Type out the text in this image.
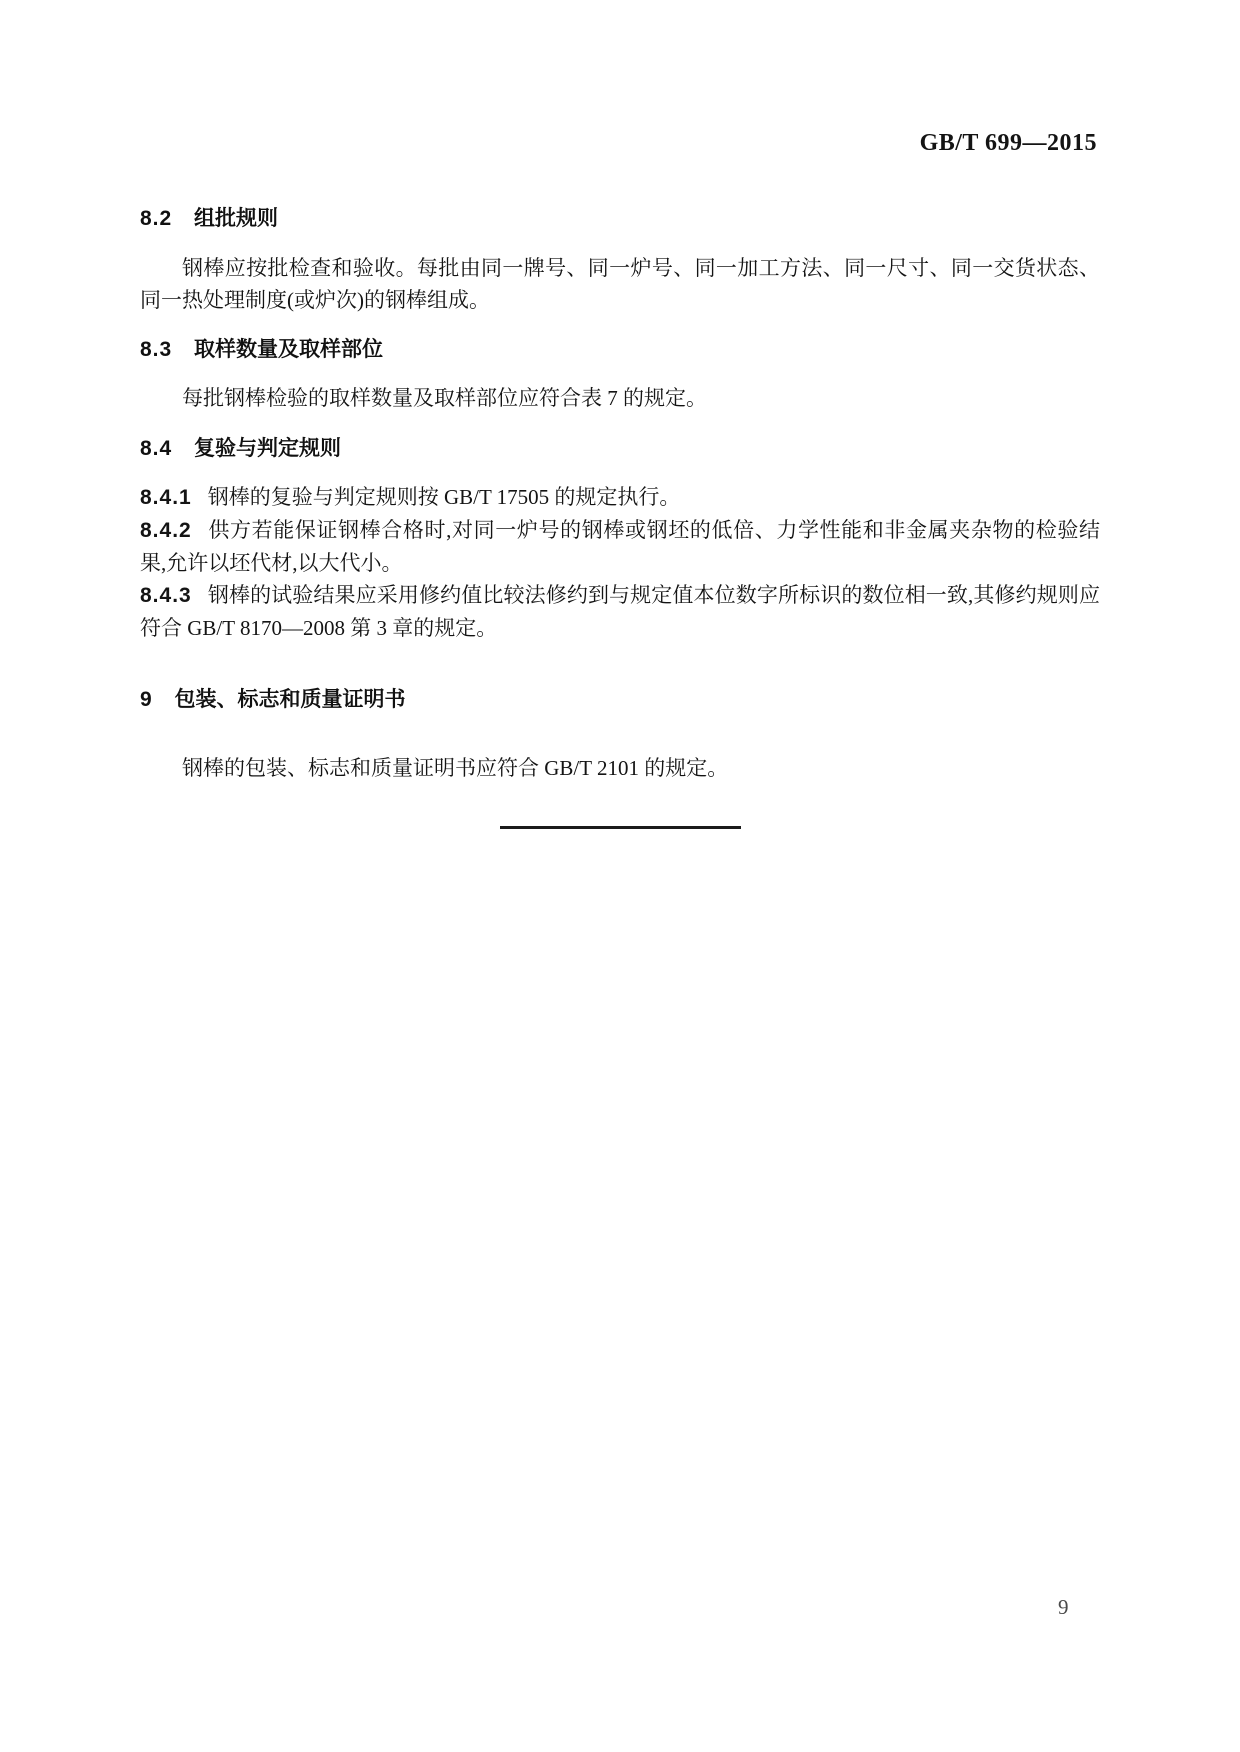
GB/T 699—2015
8.2 组批规则

钢棒应按批检查和验收。每批由同一牌号、同一炉号、同一加工方法、同一尺寸、同一交货状态、同一热处理制度(或炉次)的钢棒组成。

8.3 取样数量及取样部位

每批钢棒检验的取样数量及取样部位应符合表 7 的规定。

8.4 复验与判定规则

8.4.1 钢棒的复验与判定规则按 GB/T 17505 的规定执行。

8.4.2 供方若能保证钢棒合格时,对同一炉号的钢棒或钢坯的低倍、力学性能和非金属夹杂物的检验结果,允许以坯代材,以大代小。

8.4.3 钢棒的试验结果应采用修约值比较法修约到与规定值本位数字所标识的数位相一致,其修约规则应符合 GB/T 8170—2008 第 3 章的规定。

9 包装、标志和质量证明书

钢棒的包装、标志和质量证明书应符合 GB/T 2101 的规定。

9
